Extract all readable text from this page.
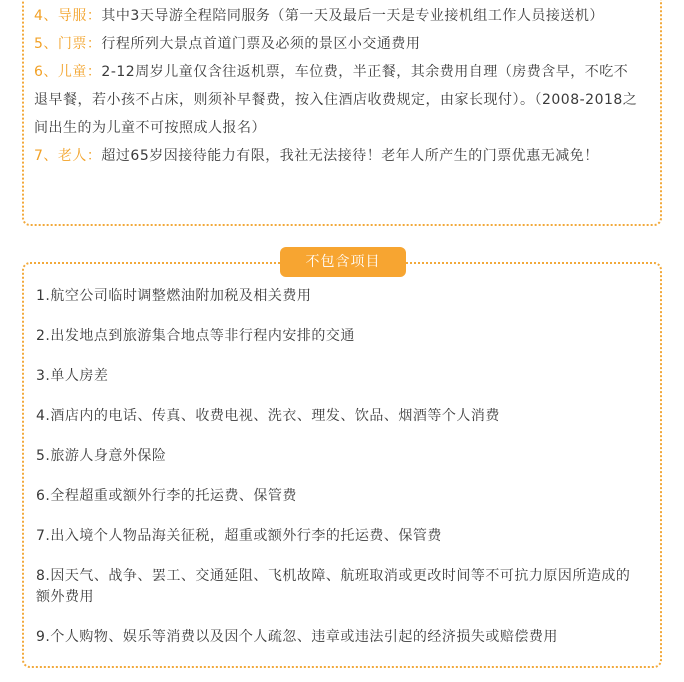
4、导服：其中3天导游全程陪同服务（第一天及最后一天是专业接机组工作人员接送机）

5、门票：行程所列大景点首道门票及必须的景区小交通费用

6、儿童：2-12周岁儿童仅含往返机票，车位费，半正餐，其余费用自理（房费含早，不吃不退早餐，若小孩不占床，则须补早餐费，按入住酒店收费规定，由家长现付）。（2008-2018之间出生的为儿童不可按照成人报名）

7、老人：超过65岁因接待能力有限，我社无法接待！老年人所产生的门票优惠无减免！

不包含项目

1.航空公司临时调整燃油附加税及相关费用

2.出发地点到旅游集合地点等非行程内安排的交通

3.单人房差

4.酒店内的电话、传真、收费电视、洗衣、理发、饮品、烟酒等个人消费

5.旅游人身意外保险

6.全程超重或额外行李的托运费、保管费

7.出入境个人物品海关征税，超重或额外行李的托运费、保管费

8.因天气、战争、罢工、交通延阻、飞机故障、航班取消或更改时间等不可抗力原因所造成的额外费用

9.个人购物、娱乐等消费以及因个人疏忽、违章或违法引起的经济损失或赔偿费用
